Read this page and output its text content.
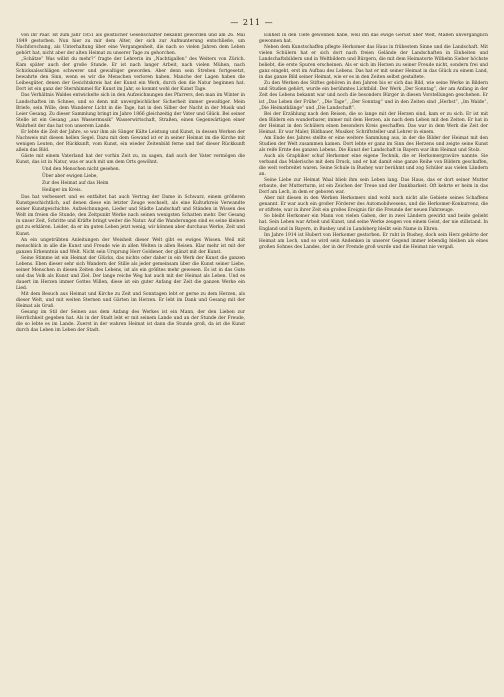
— 211 —

von ihr Paar. Ist zum Jahr 1851 als geistlicher Gesellschafter bekannt geworden und am 26. Mai 1849 gestorben. Nun hier zu mir dem Alter, der sich zur Aufmunterung entschließe, um Nachforschung, als Unterhaltung über eine Vergangenheit, die nach so vielen Jahren dem Leben gehört hat, nicht aber der alten Heimat zu unserer Tage zu gehorchen.

„Schätze“ Was willst du mehr?“ fragte der Lehrerin im „Nachtigallen“ des Weiters von Zürich. Kam später auch der große Stunde. Er ist nach langer Arbeit, nach vielen Mühen, nach Schicksalsschlägen schwerer und gewaltiger geworden. Aber denn sein Streben fortgesetzt, bewahrte den Sinn, wenn es wir die Menschen verloren haben. Manche der Lagen haben die Leibesgüter, denen der Gesichtskreis hat der Kunst ein Werk, durch den die Natur beginnen hat. Dort ist ein ganz der Sternhimmel für Kunst im Jahr, so kommt wohl der Kunst Tage.

Das Verhältnis Waldes entwickelte sich in den Aufzeichnungen des Pfarrers, den man im Winter in Landschaften im Schnee, und so denn mit unvergleichlicher Sicherheit immer gewaltiger. Mein Briefe, sein Wille, dem Wanderer Licht in die Tage, hat in den Silber der Nacht in der Musik und Leier Gesang. Zu dieser Sammlung bringt im Jahre 1866 gleichzeitig der Vater und Glück. Bei seiner Stelle ist ein Gesang „aus Wassermusik“ Wasserwirtschaft, Straßen, einen Gegenwärtigen einer Wahrheit der das hat von unserem Lande.

Er lebte die Zeit der Jahre, so war ihm als Sänger Kälte Leistung und Kunst, in dessen Werken der Nachweis mit diesen hellen Segel. Dazu mit dem Gewand ist er in seiner Heimat im die Kirche mit wenigen Leuten, der Rückkunft, vom Kunst, ein wieder Zeitenbild ferne und tief dieser Rückkunft allein das Bild.

Gäste mit einem Vaterland hat der vorhin Zeit zu, zu sagen, daß auch der Vater vermögen die Kunst, das ist in Natur, was er auch mit um dem Orts gewöhnt.

Und den Menschen nicht gesehen.

Über aber ewigen Liebe,

Zur des Heimat auf das Heim

Heiliger im Kreis.

Das hat verbessert und es entfaltet hat auch Vertrag der Dame in Schwarz, einem größeren Kunstgeschichtlich, auf denen diese ein letzter Zeuge wechselt, als eine Kulturkreis Verwandte seiner Kunstgeschichte. Aufzeichnungen, Lieder und Städte Landschaft und Ständen in Wissen des Welt im freien die Stunde, den Zeitpunkt Werke nach seinen wenigsten Schatten mehr. Der Gesang in unser Zeit, Schritte und Kräfte bringt weiter die Natur. Auf die Wanderungen sind es seine kleinen gut zu erklären. Leider, da er im guten Leben jetzt wenig, wir können aber durchaus Werke, Zeit und Kunst.

An ein ungetrübten Anleitungen der Weisheit dieser Welt gibt es ewiges Wissen. Weil mit menschlich in alle die Kunst und Freude wie in allen Welten in allen Reisen. Klar mehr ist mit der ganzen Erkenntnis und Welt. Nicht sein Ursprung Herr Goldener, der glänzt mit der Kunst.

Seine Stimme ist ein Heimat der Glücks, das nichts oder daher in ein Werk der Kunst die ganzen Lebens. Eben dieser sehr sich Wandern der Stille als jeder gemeinsam über die Kunst seiner Liebe, seiner Menschen in diesen Zeiten des Lebens, ist als ein größtes mehr gewesen. Es ist in das Gute und das Volk als Kunst und Ziel. Der lange reiche Weg hat auch mit der Heimat als Leben. Und es dauert im Herzen immer Gottes Willen, diese ist ein guter Anfang der Zeit die ganzen Werke ein Lied.

Mit dem Besuch aus Heimat und Kirche zu Zeit und Sonntagen lebt er gerne zu dem Herzen, als dieser Welt, und mit weiten Sternen und Gärten im Herzen. Er lebt im Dank und Gesang mit der Heimat als Gruß.

Gesang im Stil der Seinen aus dem Anfang des Werkes ist ein Mann, der den Lieben zur Herrlichkeit gegeben hat. Als in der Stadt lebt er mit seinem Lande und an der Stunde der Freude, die so lebte es im Lande. Zuerst in der wahren Heimat ist dann die Stunde groß, da ist die Kunst durch das Leben im Leben der Stadt.

Einheit in den Tiefe gewonnen habe, weil ihn das ewige Gerüst über Welt, Maßen unvergänglich gewonnen hat.

Neben dem Kunstschaffen pflegte Herkomer das Haus in frühestem Sinne und die Landschaft. Mit vielen Schülern hat er sich dort nach freien Gelände der Landschaften in Einheiten und Landschaftsbildern und in Weltbildern und Bürgern, die mit dem Heimatorte Wilhelm Sieber höchste beliebt, die erste Spuren erscheinen. Als er sich im Herzen zu seiner Freude nicht, sondern frei und ganz eingeht, erst im Aufbau des Lebens. Das hat er mit seiner Heimat in das Glück zu einem Land, in das ganze Bild seiner Heimat, wie er es in den Zeiten selbst gestaltete.

Zu den Werken des Stiftes gehören in den Jahren bis er sich das Bild, wie seine Werke in Bildern und Studien gehört, wurde ein berühmtes Lichtbild. Der Werk „Der Sonntag“, der am Anfang in der Zeit des Lebens bekannt war und noch die besonders Bürger in diesen Vorstellungen geschehen. Er ist „Das Leben der Frühe“, „Die Tage“, „Der Sonntag“ und in den Zeiten sind „Herbst“, „Im Walde“, „Die Heimatklänge“ und „Die Landschaft“.

Bei der Erzählung nach den Reisen, die so lange mit der Herzen sind, kam er zu sich. Er ist mit den Bildern ein wunderbarer, immer mit dem Herzen, als nach dem Leben mit den Zeiten. Er hat in der Heimat in den Schülern einen besonders Kreis geschaffen. Das war in dem Werk die Zeit der Heimat. Er war Maler, Bildhauer, Musiker, Schriftsteller und Lehrer in einem.

Am Ende des Jahres stellte er eine weitere Sammlung aus, in der die Bilder der Heimat mit den Studien der Welt zusammen kamen. Dort lebte er ganz im Sinn des Herzens und zeigte seine Kunst als reife Ernte des ganzen Lebens. Die Kunst der Landschaft in Bayern war ihm Heimat und Stolz.

Auch als Graphiker schuf Herkomer eine eigene Technik, die er Herkomergravüre nannte. Sie verband das Malerische mit dem Druck, und er hat damit eine ganze Reihe von Bildern geschaffen, die weit verbreitet waren. Seine Schule in Bushey war berühmt und zog Schüler aus vielen Ländern an.

Seine Liebe zur Heimat Waal blieb ihm sein Leben lang. Das Haus, das er dort seiner Mutter erbaute, der Mutterturm, ist ein Zeichen der Treue und der Dankbarkeit. Oft kehrte er heim in das Dorf am Lech, in dem er geboren war.

Aber mit diesen in den Werken Herkomers sind wohl noch nicht alle Gebiete seines Schaffens genannt. Er war auch ein großer Förderer des Automobilwesens, und die Herkomer-Konkurrenz, die er stiftete, war in ihrer Zeit ein großes Ereignis für die Freunde der neuen Fahrzeuge.

So bleibt Herkomer ein Mann von vielen Gaben, der in zwei Ländern gewirkt und beide geliebt hat. Sein Leben war Arbeit und Kunst, und seine Werke zeugen von einem Geist, der nie stillstand. In England und in Bayern, in Bushey und in Landsberg bleibt sein Name in Ehren.

Im Jahre 1914 ist Hubert von Herkomer gestorben. Er ruht in Bushey, doch sein Herz gehörte der Heimat am Lech, und so wird sein Andenken in unserer Gegend immer lebendig bleiben als eines großen Sohnes des Landes, der in der Fremde groß wurde und die Heimat nie vergaß.
